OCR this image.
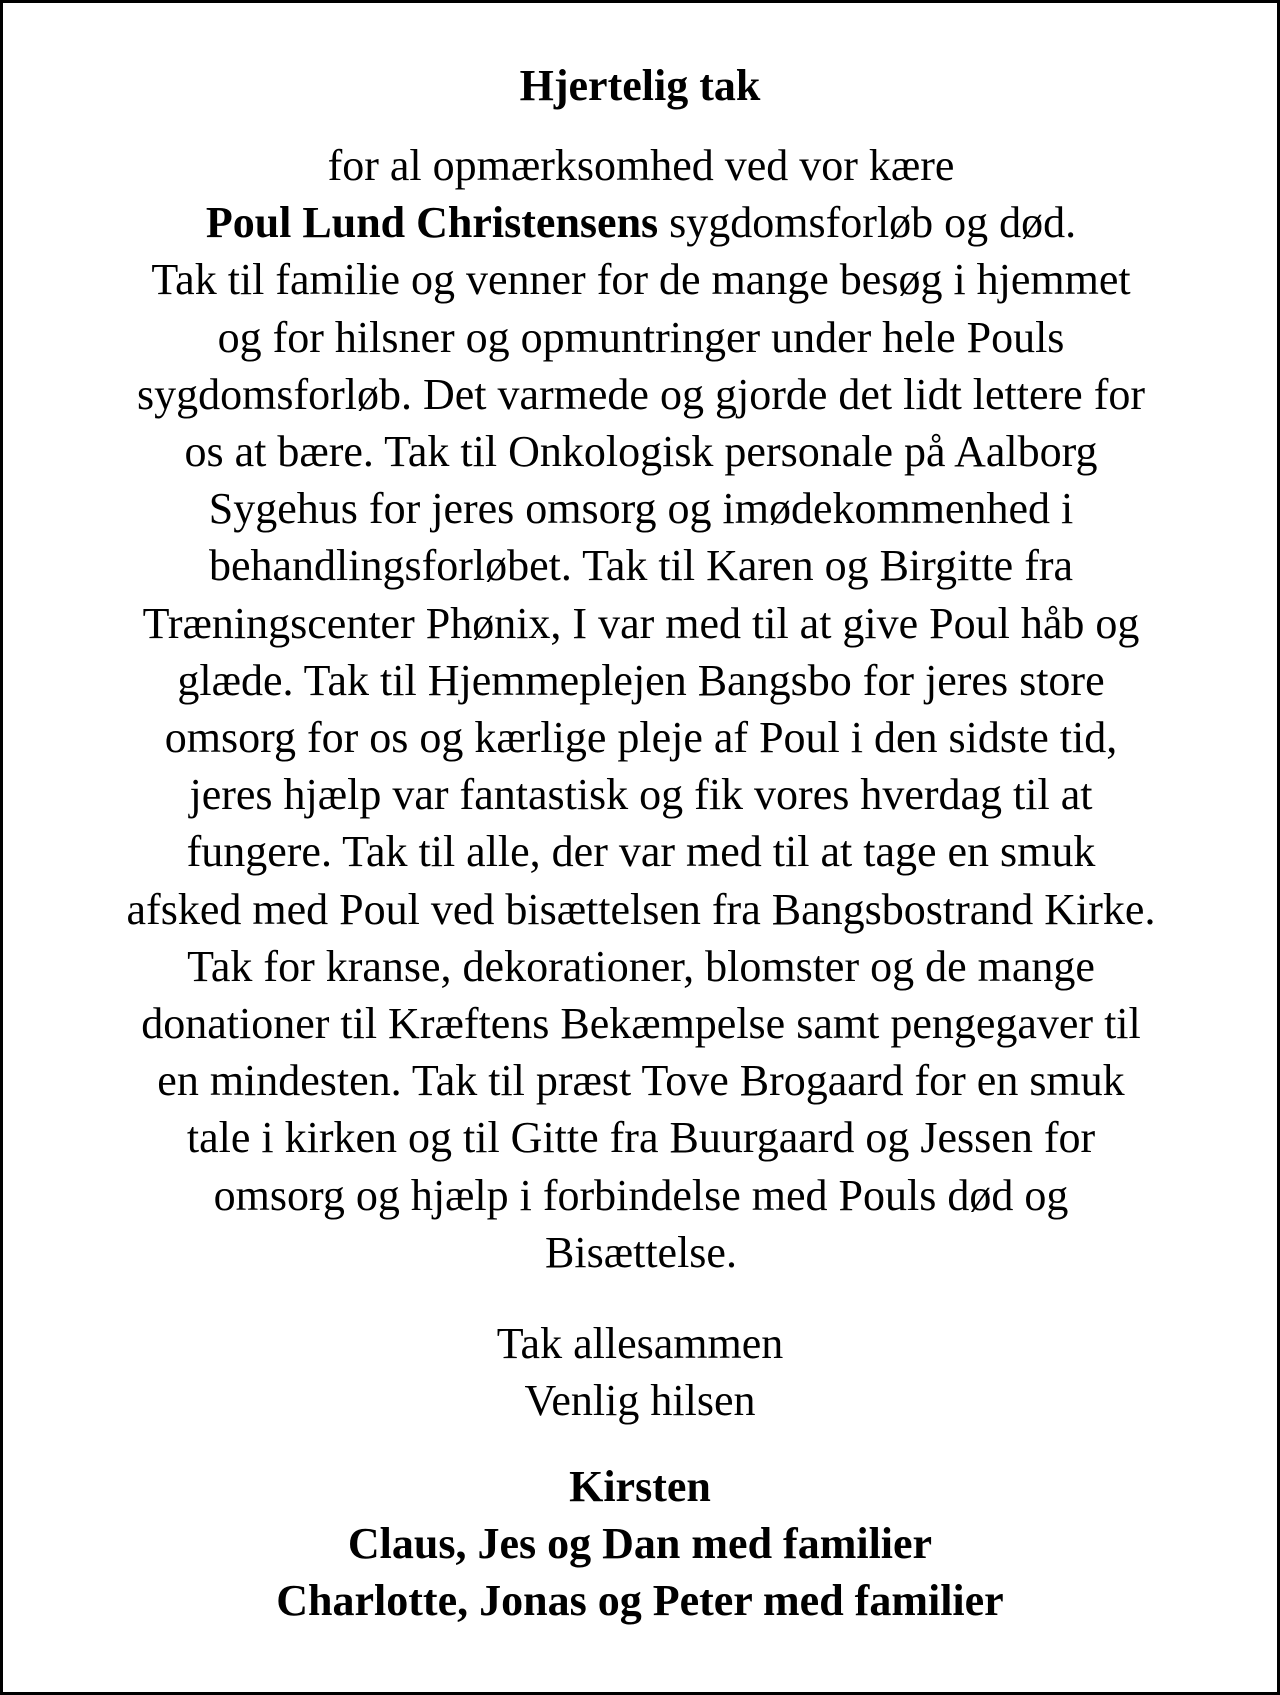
Hjertelig tak
for al opmærksomhed ved vor kære
Poul Lund Christensens sygdomsforløb og død.
Tak til familie og venner for de mange besøg i hjemmet
og for hilsner og opmuntringer under hele Pouls
sygdomsforløb. Det varmede og gjorde det lidt lettere for
os at bære. Tak til Onkologisk personale på Aalborg
Sygehus for jeres omsorg og imødekommenhed i
behandlingsforløbet. Tak til Karen og Birgitte fra
Træningscenter Phønix, I var med til at give Poul håb og
glæde. Tak til Hjemmeplejen Bangsbo for jeres store
omsorg for os og kærlige pleje af Poul i den sidste tid,
jeres hjælp var fantastisk og fik vores hverdag til at
fungere. Tak til alle, der var med til at tage en smuk
afsked med Poul ved bisættelsen fra Bangsbostrand Kirke.
Tak for kranse, dekorationer, blomster og de mange
donationer til Kræftens Bekæmpelse samt pengegaver til
en mindesten. Tak til præst Tove Brogaard for en smuk
tale i kirken og til Gitte fra Buurgaard og Jessen for
omsorg og hjælp i forbindelse med Pouls død og
Bisættelse.
Tak allesammen
Venlig hilsen
Kirsten
Claus, Jes og Dan med familier
Charlotte, Jonas og Peter med familier
